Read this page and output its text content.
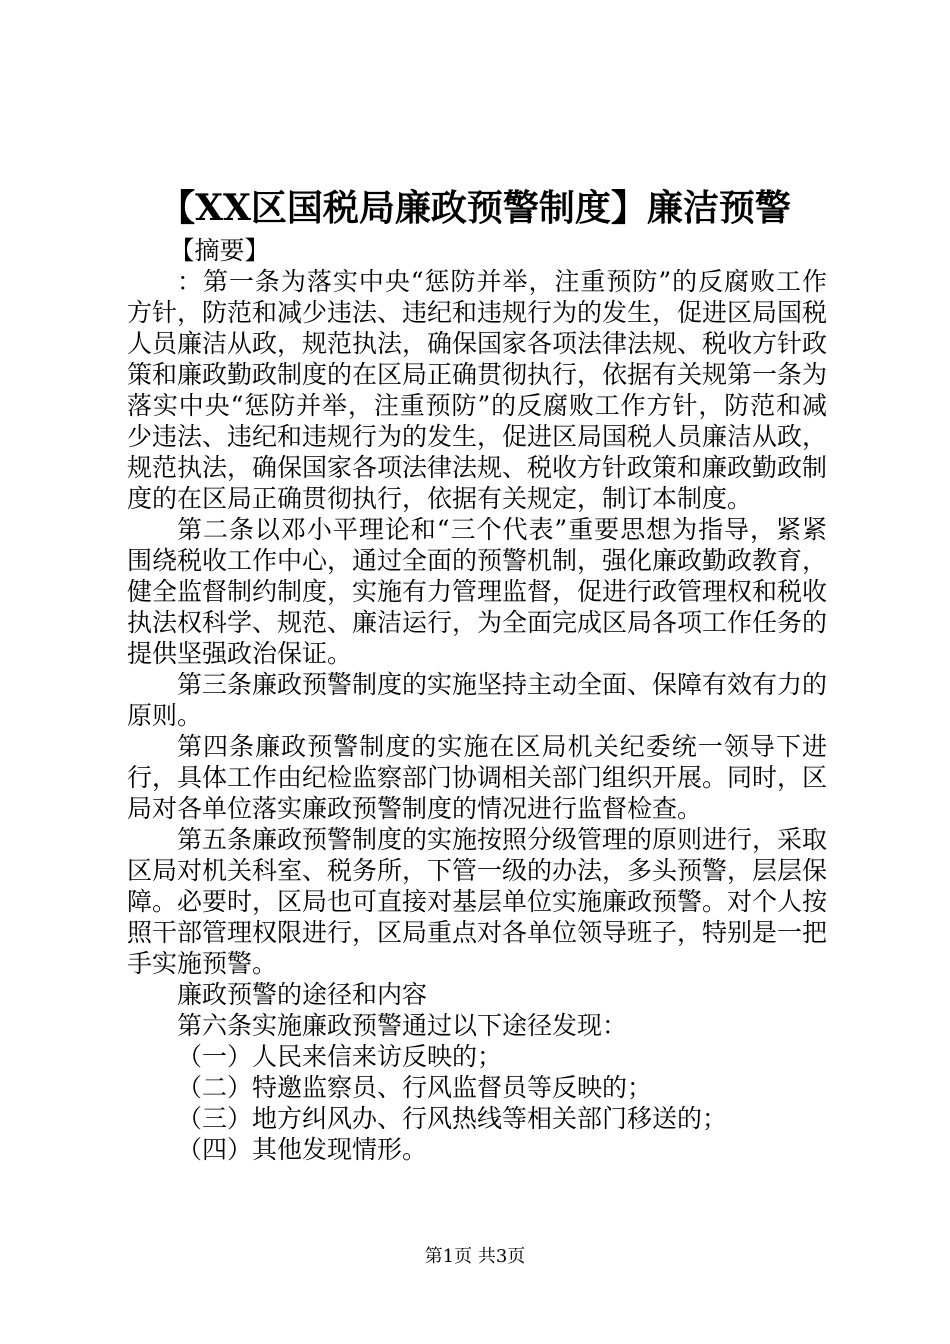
【XX区国税局廉政预警制度】廉洁预警

【摘要】

：第一条为落实中央“惩防并举，注重预防”的反腐败工作方针，防范和减少违法、违纪和违规行为的发生，促进区局国税人员廉洁从政，规范执法，确保国家各项法律法规、税收方针政策和廉政勤政制度的在区局正确贯彻执行，依据有关规第一条为落实中央“惩防并举，注重预防”的反腐败工作方针，防范和减少违法、违纪和违规行为的发生，促进区局国税人员廉洁从政，规范执法，确保国家各项法律法规、税收方针政策和廉政勤政制度的在区局正确贯彻执行，依据有关规定，制订本制度。

第二条以邓小平理论和“三个代表”重要思想为指导，紧紧围绕税收工作中心，通过全面的预警机制，强化廉政勤政教育，健全监督制约制度，实施有力管理监督，促进行政管理权和税收执法权科学、规范、廉洁运行，为全面完成区局各项工作任务的提供坚强政治保证。

第三条廉政预警制度的实施坚持主动全面、保障有效有力的原则。

第四条廉政预警制度的实施在区局机关纪委统一领导下进行，具体工作由纪检监察部门协调相关部门组织开展。同时，区局对各单位落实廉政预警制度的情况进行监督检查。

第五条廉政预警制度的实施按照分级管理的原则进行，采取区局对机关科室、税务所，下管一级的办法，多头预警，层层保障。必要时，区局也可直接对基层单位实施廉政预警。对个人按照干部管理权限进行，区局重点对各单位领导班子，特别是一把手实施预警。

廉政预警的途径和内容

第六条实施廉政预警通过以下途径发现：

（一）人民来信来访反映的；

（二）特邀监察员、行风监督员等反映的；

（三）地方纠风办、行风热线等相关部门移送的；

（四）其他发现情形。

第1页 共3页
